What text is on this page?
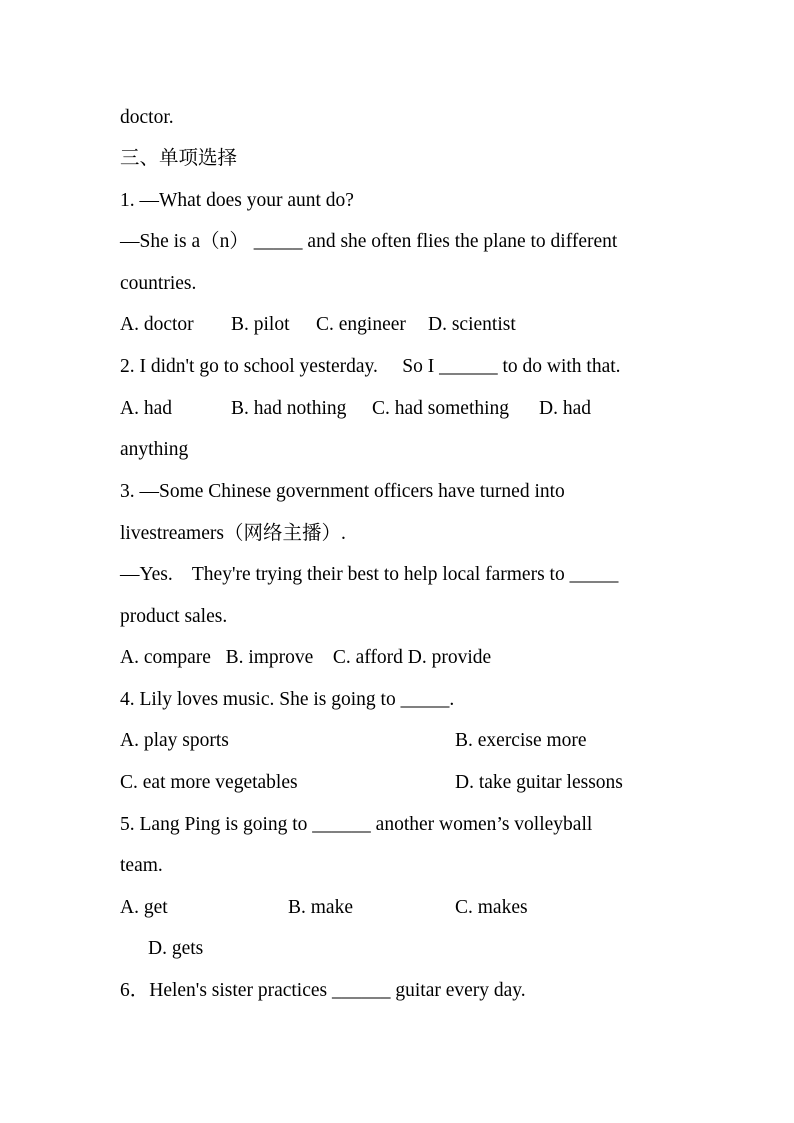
doctor.
三、单项选择
1. —What does your aunt do?
—She is a（n） _____ and she often flies the plane to different
countries.
A. doctor B. pilot C. engineer D. scientist
2. I didn't go to school yesterday.     So I ______ to do with that.
A. had	B. had nothing C. had something D. had
anything
3. —Some Chinese government officers have turned into
livestreamers（网络主播）.
—Yes.    They're trying their best to help local farmers to _____
product sales.
A. compare   B. improve    C. afford D. provide
4. Lily loves music. She is going to _____.
A. play sports	B. exercise more
C. eat more vegetables	D. take guitar lessons
5. Lang Ping is going to ______ another women’s volleyball
team.
A. get	B. make	C. makes
D. gets
6．Helen's sister practices ______ guitar every day.
